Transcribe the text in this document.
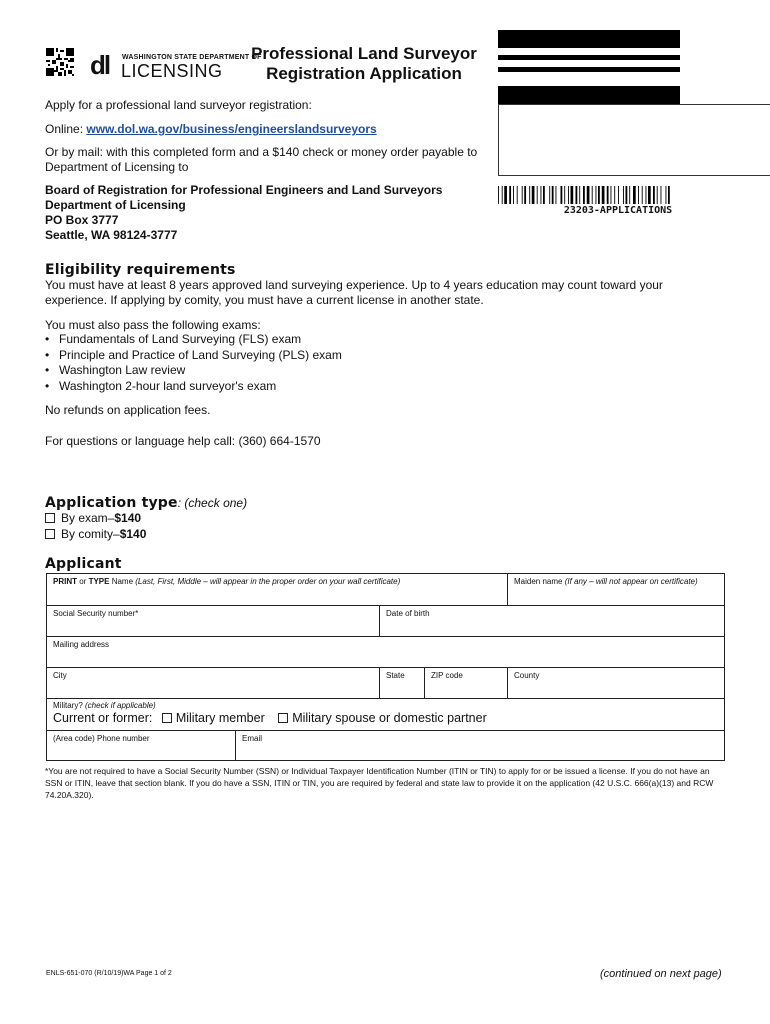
dl WASHINGTON STATE DEPARTMENT OF
LICENSING
Professional Land Surveyor
Registration Application
23203-APPLICATIONS
Apply for a professional land surveyor registration:
Online: www.dol.wa.gov/business/engineerslandsurveyors
Or by mail: with this completed form and a $140 check or money order payable to Department of Licensing to
Board of Registration for Professional Engineers and Land Surveyors
Department of Licensing
PO Box 3777
Seattle, WA 98124-3777
Eligibility requirements
You must have at least 8 years approved land surveying experience. Up to 4 years education may count toward your experience. If applying by comity, you must have a current license in another state.
You must also pass the following exams:
• Fundamentals of Land Surveying (FLS) exam
• Principle and Practice of Land Surveying (PLS) exam
• Washington Law review
• Washington 2-hour land surveyor's exam
No refunds on application fees.
For questions or language help call: (360) 664-1570
Application type: (check one)
By exam–$140
By comity–$140
Applicant
PRINT or TYPE Name (Last, First, Middle – will appear in the proper order on your wall certificate)	Maiden name (If any – will not appear on certificate)
Social Security number*	Date of birth
Mailing address
City	State	ZIP code	County
Military? (check if applicable)
Current or former: Military member Military spouse or domestic partner
(Area code) Phone number	Email
*You are not required to have a Social Security Number (SSN) or Individual Taxpayer Identification Number (ITIN or TIN) to apply for or be issued a license. If you do not have an SSN or ITIN, leave that section blank. If you do have a SSN, ITIN or TIN, you are required by federal and state law to provide it on the application (42 U.S.C. 666(a)(13) and RCW 74.20A.320).
ENLS-651-070 (R/10/19)WA Page 1 of 2	(continued on next page)
